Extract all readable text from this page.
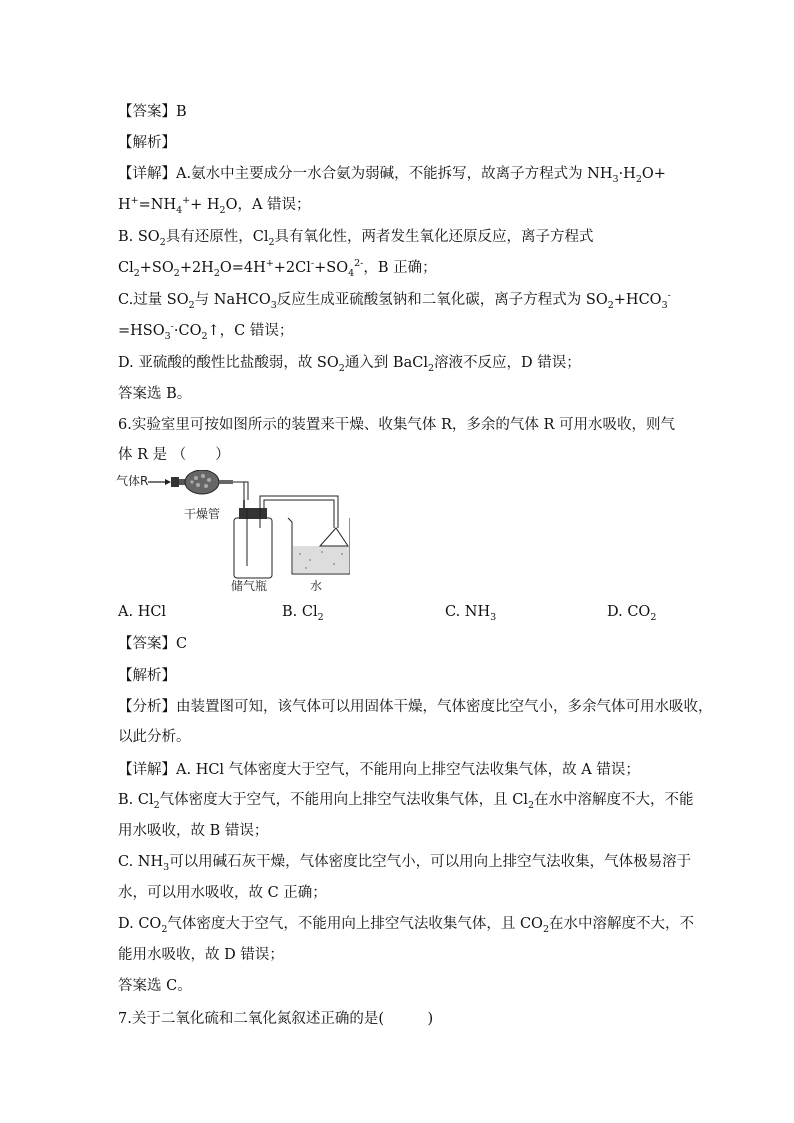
【答案】B
【解析】
【详解】A.氨水中主要成分一水合氨为弱碱，不能拆写，故离子方程式为 $NH_3\cdot H_2O+$
$H^+=NH_4^++ H_2O$，A 错误；
B. $SO_2$具有还原性，$Cl_2$具有氧化性，两者发生氧化还原反应，离子方程式
$Cl_2+SO_2+2H_2O=4H^++2Cl^-+SO_4^{2-}$，B 正确；
C.过量 $SO_2$与 NaHCO$_3$反应生成亚硫酸氢钠和二氧化碳，离子方程式为 $SO_2+HCO_3^-$
$=HSO_3^-\cdot CO_2↑$，C 错误；
D. 亚硫酸的酸性比盐酸弱，故 $SO_2$通入到 BaCl$_2$溶液不反应，D 错误；
答案选 B。
6.实验室里可按如图所示的装置来干燥、收集气体 R，多余的气体 R 可用水吸收，则气
体 R 是 （　　）
气体R
干燥管
储气瓶	水
A. HCl	B. $Cl_2$	C. $NH_3$	D. $CO_2$
【答案】C
【解析】
【分析】由装置图可知，该气体可以用固体干燥，气体密度比空气小，多余气体可用水吸收，
以此分析。
【详解】A. HCl 气体密度大于空气，不能用向上排空气法收集气体，故 A 错误；
B. $Cl_2$气体密度大于空气，不能用向上排空气法收集气体，且 $Cl_2$在水中溶解度不大，不能
用水吸收，故 B 错误；
C. $NH_3$可以用碱石灰干燥，气体密度比空气小，可以用向上排空气法收集，气体极易溶于
水，可以用水吸收，故 C 正确；
D. $CO_2$气体密度大于空气，不能用向上排空气法收集气体，且 $CO_2$在水中溶解度不大，不
能用水吸收，故 D 错误；
答案选 C。
7.关于二氧化硫和二氧化氮叙述正确的是(　　　)
